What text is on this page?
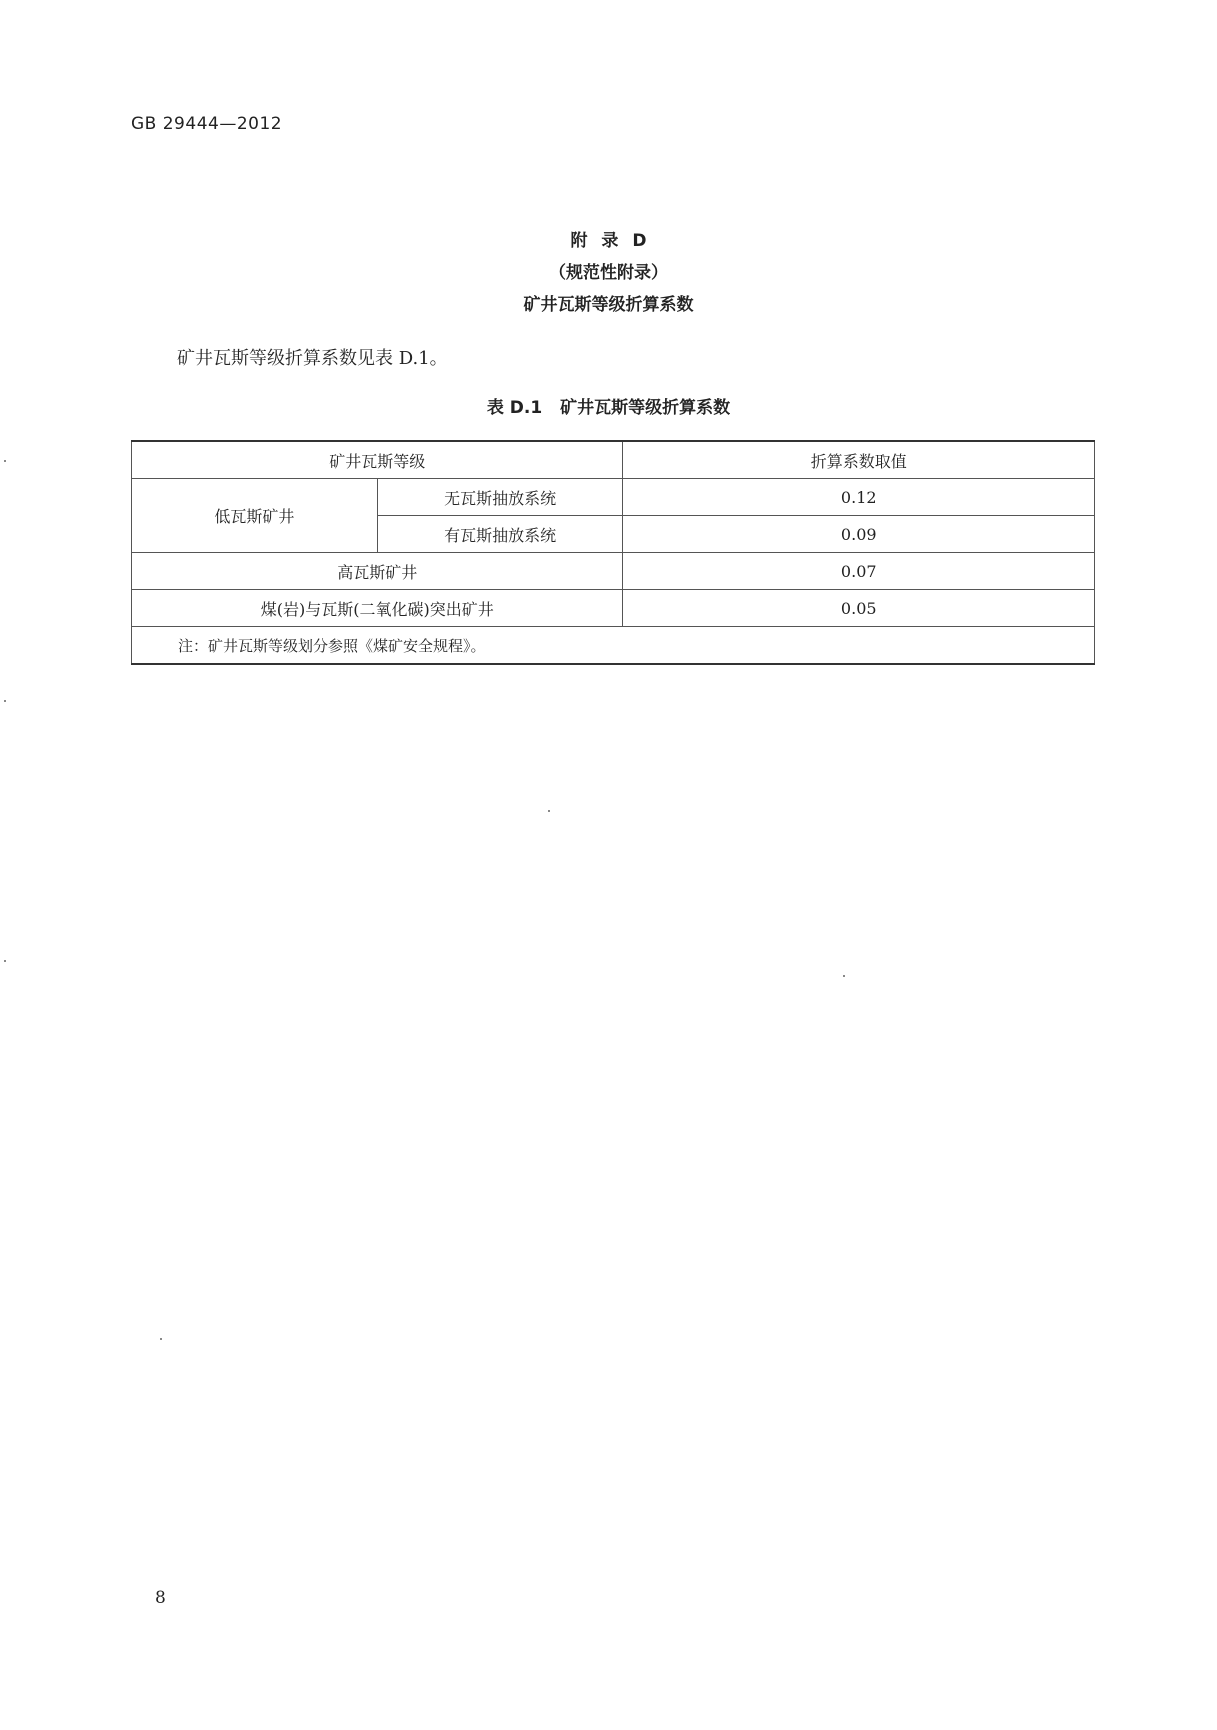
GB 29444—2012
附 录 D
（规范性附录）
矿井瓦斯等级折算系数
矿井瓦斯等级折算系数见表 D.1。
表 D.1 矿井瓦斯等级折算系数
矿井瓦斯等级		折算系数取值
低瓦斯矿井	无瓦斯抽放系统	0.12
	有瓦斯抽放系统	0.09
高瓦斯矿井		0.07
煤(岩)与瓦斯(二氧化碳)突出矿井		0.05
注：矿井瓦斯等级划分参照《煤矿安全规程》。		
8
